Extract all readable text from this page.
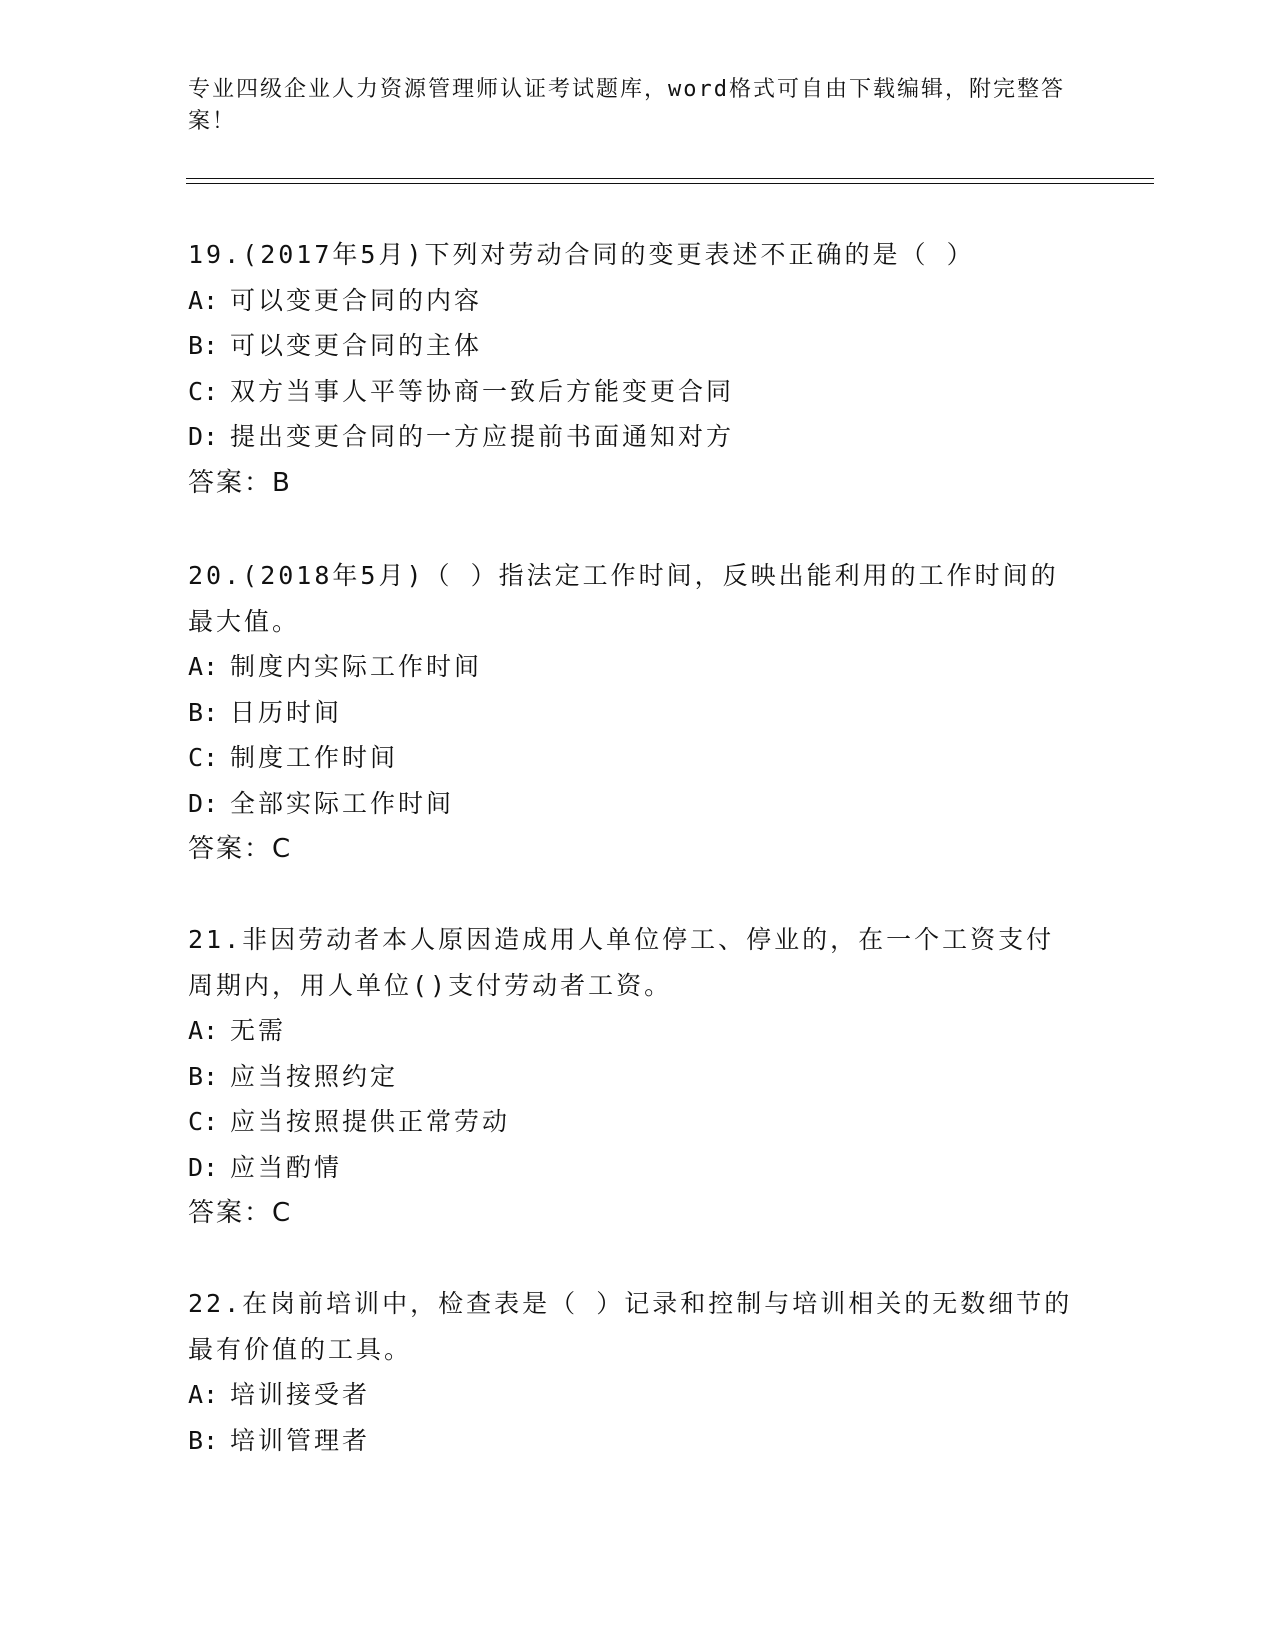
专业四级企业人力资源管理师认证考试题库，word格式可自由下载编辑，附完整答案！

19.(2017年5月)下列对劳动合同的变更表述不正确的是（ ）

A: 可以变更合同的内容

B: 可以变更合同的主体

C: 双方当事人平等协商一致后方能变更合同

D: 提出变更合同的一方应提前书面通知对方

答案：B

20.(2018年5月)（ ）指法定工作时间，反映出能利用的工作时间的最大值。

A: 制度内实际工作时间

B: 日历时间

C: 制度工作时间

D: 全部实际工作时间

答案：C

21.非因劳动者本人原因造成用人单位停工、停业的，在一个工资支付周期内，用人单位()支付劳动者工资。

A: 无需

B: 应当按照约定

C: 应当按照提供正常劳动

D: 应当酌情

答案：C

22.在岗前培训中，检查表是（ ）记录和控制与培训相关的无数细节的最有价值的工具。

A: 培训接受者

B: 培训管理者
